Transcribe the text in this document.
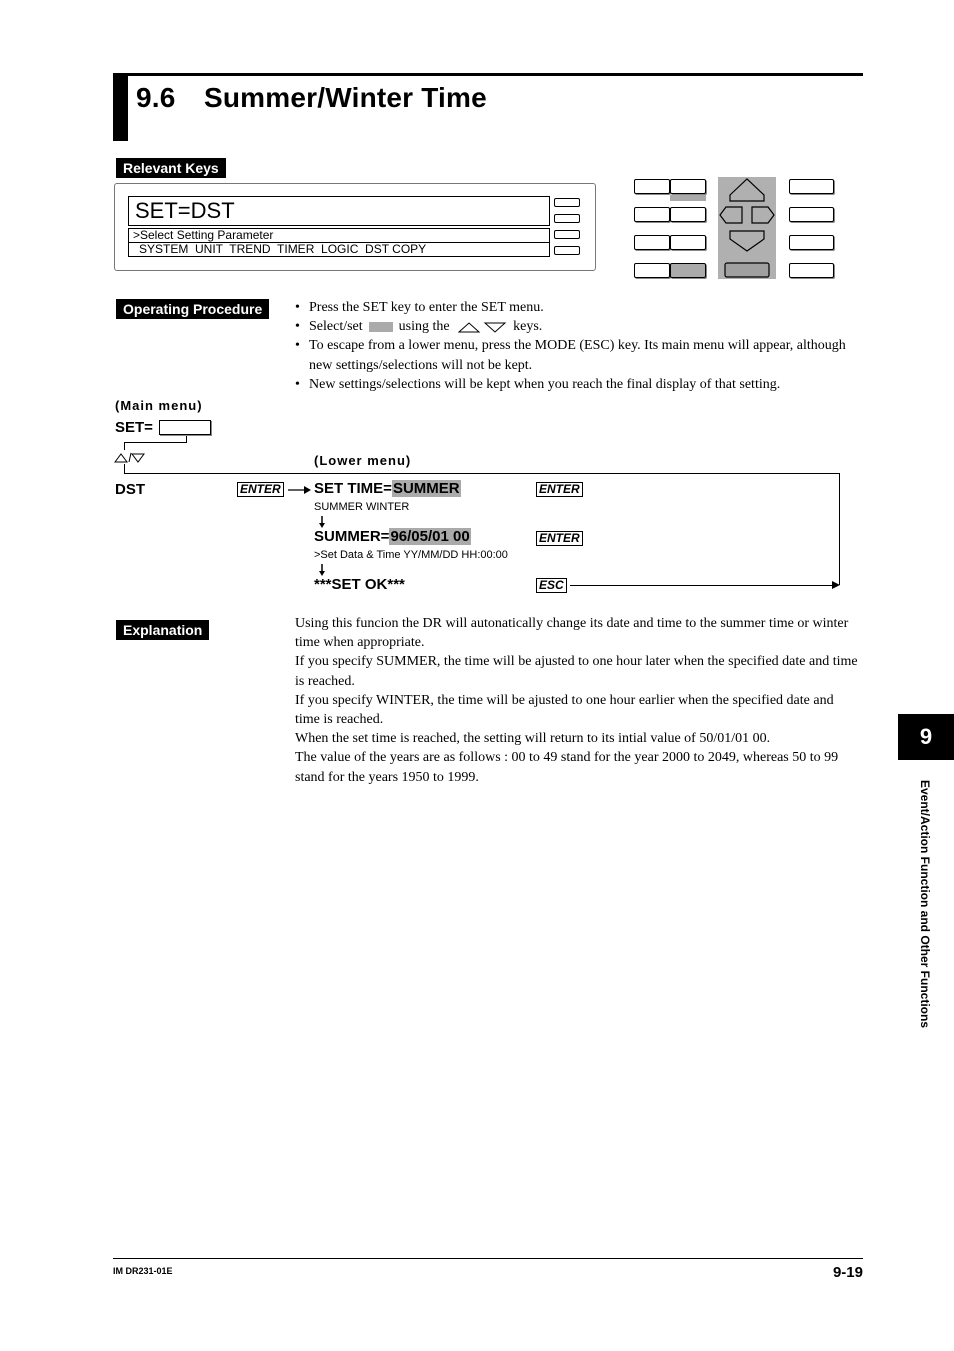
9.6 Summer/Winter Time
Relevant Keys
SET=DST
>Select Setting Parameter
SYSTEM  UNIT  TREND  TIMER  LOGIC  DST COPY
Operating Procedure
•	Press the SET key to enter the SET menu.
• Select/set	using the	keys.
• To escape from a lower menu, press the MODE (ESC) key. Its main menu will appear, although new settings/selections will not be kept.
• New settings/selections will be kept when you reach the final display of that setting.
(Main menu)
SET=
(Lower menu)
DST	ENTER SET TIME=SUMMER	ENTER
SUMMER WINTER
SUMMER=96/05/01 00	ENTER
>Set Data & Time YY/MM/DD HH:00:00
***SET OK***	ESC
Explanation	Using this funcion the DR will autonatically change its date and time to the summer time or winter time when appropriate.

If you specify SUMMER, the time will be ajusted to one hour later when the specified date and time is reached.

If you specify WINTER, the time will be ajusted to one hour earlier when the specified date and time is reached.

When the set time is reached, the setting will return to its intial value of 50/01/01 00.

The value of the years are as follows : 00 to 49 stand for the year 2000 to 2049, whereas 50 to 99 stand for the years 1950 to 1999.

9
Event/Action Function and Other Functions
IM DR231-01E	9-19
